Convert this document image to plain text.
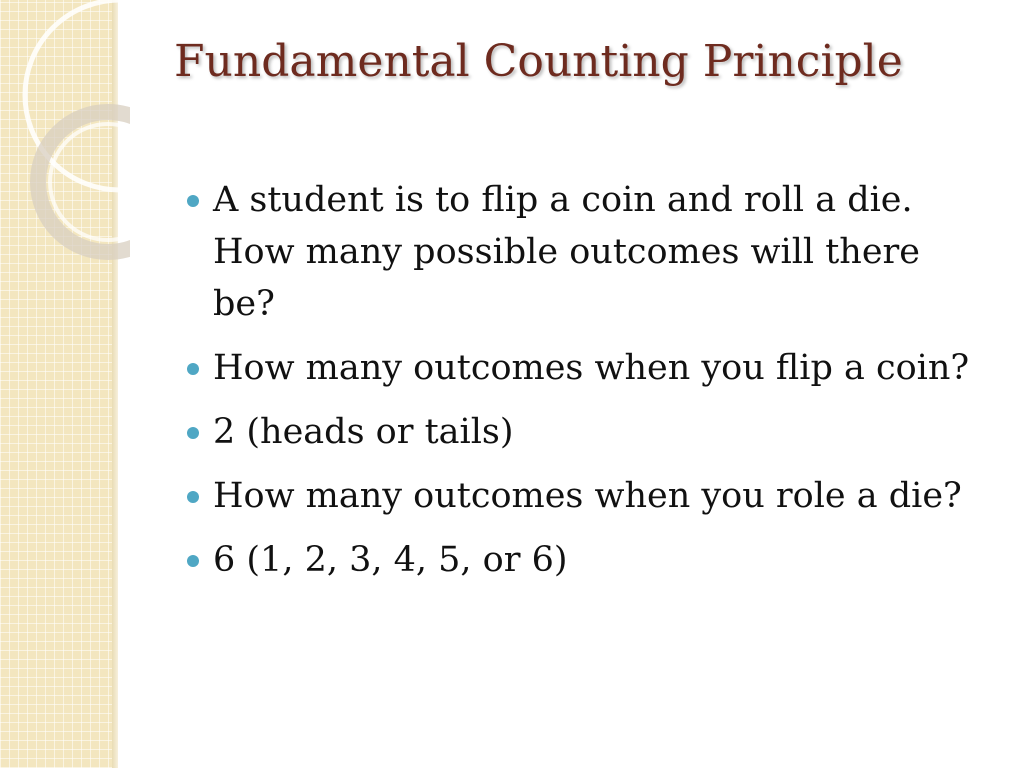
Fundamental Counting Principle
A student is to flip a coin and roll a die. How many possible outcomes will there be?
How many outcomes when you flip a coin?
2 (heads or tails)
How many outcomes when you role a die?
6 (1, 2, 3, 4, 5, or 6)
